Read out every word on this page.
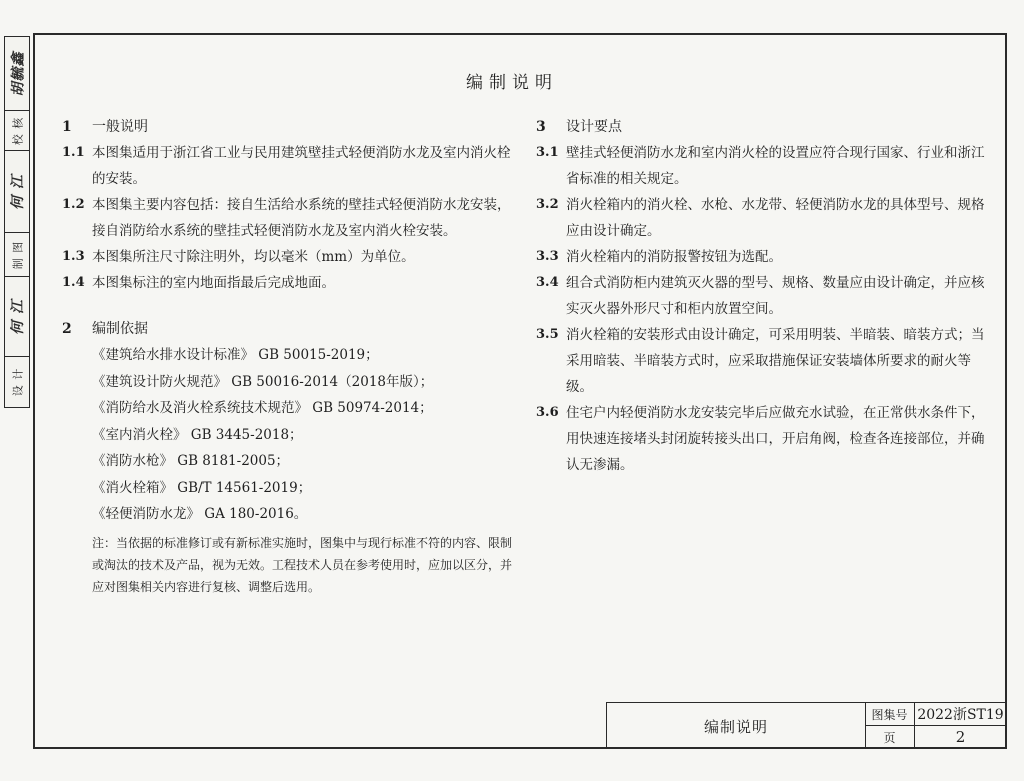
胡毓鑫
校 核
何 江
制 图
何 江
设 计
编制说明
1	一般说明
1.1 本图集适用于浙江省工业与民用建筑壁挂式轻便消防水龙及室内消火栓的安装。
1.2 本图集主要内容包括：接自生活给水系统的壁挂式轻便消防水龙安装，接自消防给水系统的壁挂式轻便消防水龙及室内消火栓安装。
1.3 本图集所注尺寸除注明外，均以毫米（mm）为单位。
1.4 本图集标注的室内地面指最后完成地面。
2	编制依据
《建筑给水排水设计标准》 GB 50015-2019；
《建筑设计防火规范》 GB 50016-2014（2018年版）；
《消防给水及消火栓系统技术规范》 GB 50974-2014；
《室内消火栓》 GB 3445-2018；
《消防水枪》 GB 8181-2005；
《消火栓箱》 GB/T 14561-2019；
《轻便消防水龙》 GA 180-2016。
注：当依据的标准修订或有新标准实施时，图集中与现行标准不符的内容、限制或淘汰的技术及产品，视为无效。工程技术人员在参考使用时，应加以区分，并应对图集相关内容进行复核、调整后选用。
3	设计要点
3.1 壁挂式轻便消防水龙和室内消火栓的设置应符合现行国家、行业和浙江省标准的相关规定。
3.2 消火栓箱内的消火栓、水枪、水龙带、轻便消防水龙的具体型号、规格应由设计确定。
3.3 消火栓箱内的消防报警按钮为选配。
3.4 组合式消防柜内建筑灭火器的型号、规格、数量应由设计确定，并应核实灭火器外形尺寸和柜内放置空间。
3.5 消火栓箱的安装形式由设计确定，可采用明装、半暗装、暗装方式；当采用暗装、半暗装方式时，应采取措施保证安装墙体所要求的耐火等级。
3.6 住宅户内轻便消防水龙安装完毕后应做充水试验，在正常供水条件下，用快速连接堵头封闭旋转接头出口，开启角阀，检查各连接部位，并确认无渗漏。
编制说明
图集号 2022浙ST19
页	2
